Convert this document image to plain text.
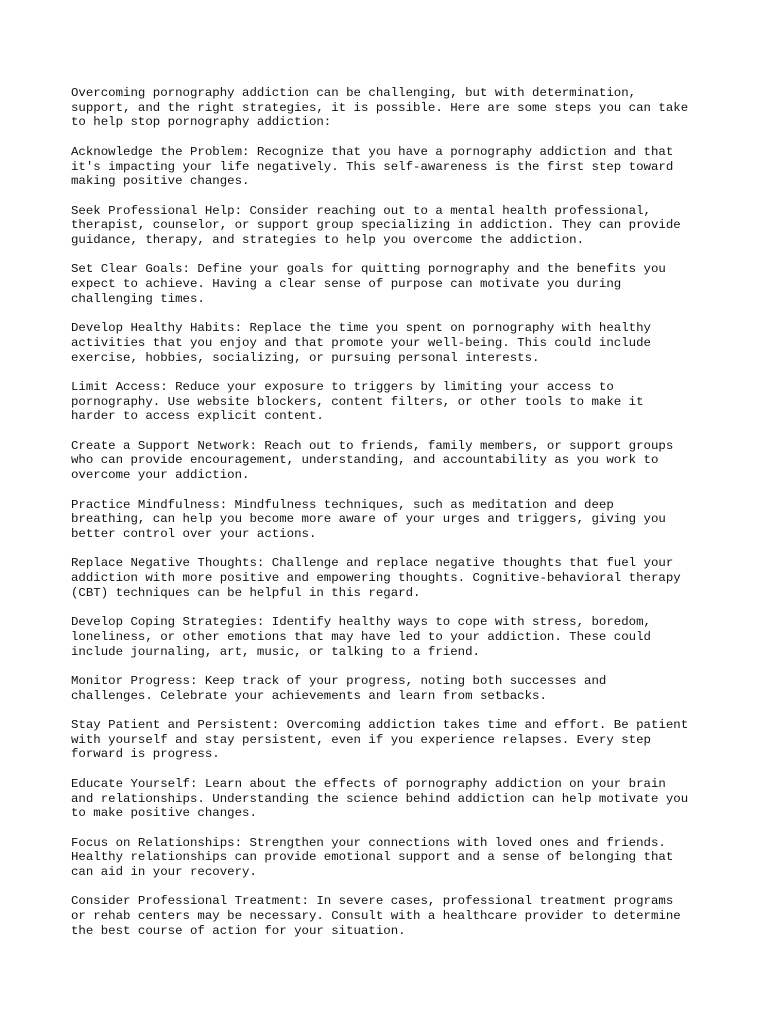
Overcoming pornography addiction can be challenging, but with determination,
support, and the right strategies, it is possible. Here are some steps you can take
to help stop pornography addiction:

Acknowledge the Problem: Recognize that you have a pornography addiction and that
it's impacting your life negatively. This self-awareness is the first step toward
making positive changes.

Seek Professional Help: Consider reaching out to a mental health professional,
therapist, counselor, or support group specializing in addiction. They can provide
guidance, therapy, and strategies to help you overcome the addiction.

Set Clear Goals: Define your goals for quitting pornography and the benefits you
expect to achieve. Having a clear sense of purpose can motivate you during
challenging times.

Develop Healthy Habits: Replace the time you spent on pornography with healthy
activities that you enjoy and that promote your well-being. This could include
exercise, hobbies, socializing, or pursuing personal interests.

Limit Access: Reduce your exposure to triggers by limiting your access to
pornography. Use website blockers, content filters, or other tools to make it
harder to access explicit content.

Create a Support Network: Reach out to friends, family members, or support groups
who can provide encouragement, understanding, and accountability as you work to
overcome your addiction.

Practice Mindfulness: Mindfulness techniques, such as meditation and deep
breathing, can help you become more aware of your urges and triggers, giving you
better control over your actions.

Replace Negative Thoughts: Challenge and replace negative thoughts that fuel your
addiction with more positive and empowering thoughts. Cognitive-behavioral therapy
(CBT) techniques can be helpful in this regard.

Develop Coping Strategies: Identify healthy ways to cope with stress, boredom,
loneliness, or other emotions that may have led to your addiction. These could
include journaling, art, music, or talking to a friend.

Monitor Progress: Keep track of your progress, noting both successes and
challenges. Celebrate your achievements and learn from setbacks.

Stay Patient and Persistent: Overcoming addiction takes time and effort. Be patient
with yourself and stay persistent, even if you experience relapses. Every step
forward is progress.

Educate Yourself: Learn about the effects of pornography addiction on your brain
and relationships. Understanding the science behind addiction can help motivate you
to make positive changes.

Focus on Relationships: Strengthen your connections with loved ones and friends.
Healthy relationships can provide emotional support and a sense of belonging that
can aid in your recovery.

Consider Professional Treatment: In severe cases, professional treatment programs
or rehab centers may be necessary. Consult with a healthcare provider to determine
the best course of action for your situation.
